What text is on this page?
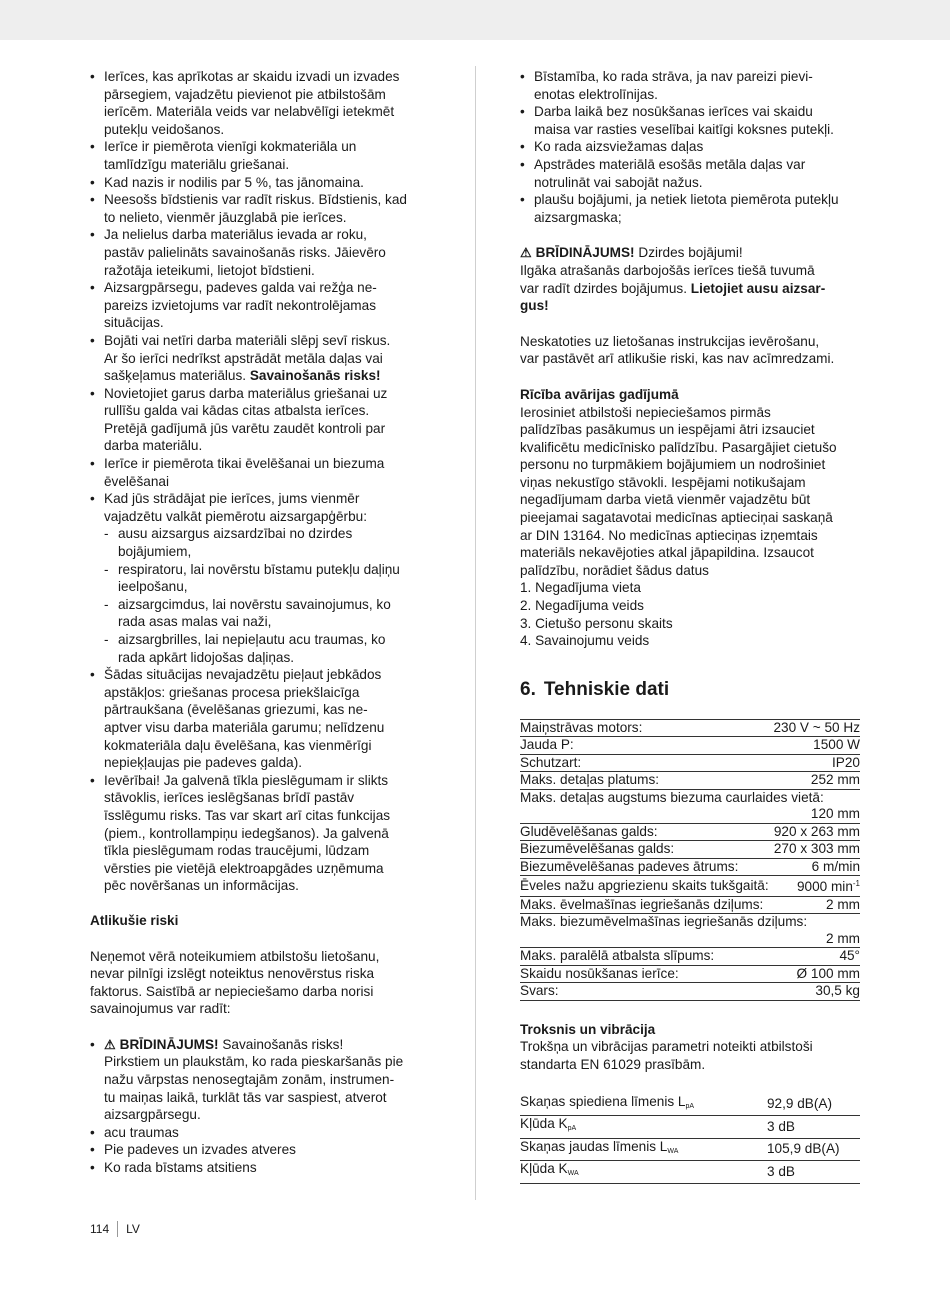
• Ierīces, kas aprīkotas ar skaidu izvadi un izvades
pārsegiem, vajadzētu pievienot pie atbilstošām
ierīcēm. Materiāla veids var nelabvēlīgi ietekmēt
putekļu veidošanos.
• Ierīce ir piemērota vienīgi kokmateriāla un
tamlīdzīgu materiālu griešanai.
• Kad nazis ir nodilis par 5 %, tas jānomaina.
• Neesošs bīdstienis var radīt riskus. Bīdstienis, kad
to nelieto, vienmēr jāuzglabā pie ierīces.
• Ja nelielus darba materiālus ievada ar roku,
pastāv palielināts savainošanās risks. Jāievēro
ražotāja ieteikumi, lietojot bīdstieni.
• Aizsargpārsegu, padeves galda vai režģa ne-
pareizs izvietojums var radīt nekontrolējamas
situācijas.
• Bojāti vai netīri darba materiāli slēpj sevī riskus.
Ar šo ierīci nedrīkst apstrādāt metāla daļas vai
sašķeļamus materiālus. Savainošanās risks!
• Novietojiet garus darba materiālus griešanai uz
rullīšu galda vai kādas citas atbalsta ierīces.
Pretējā gadījumā jūs varētu zaudēt kontroli par
darba materiālu.
• Ierīce ir piemērota tikai ēvelēšanai un biezuma
ēvelēšanai
• Kad jūs strādājat pie ierīces, jums vienmēr
vajadzētu valkāt piemērotu aizsargapģērbu:
- ausu aizsargus aizsardzībai no dzirdes
bojājumiem,
- respiratoru, lai novērstu bīstamu putekļu daļiņu
ieelpošanu,
- aizsargcimdus, lai novērstu savainojumus, ko
rada asas malas vai naži,
- aizsargbrilles, lai nepieļautu acu traumas, ko
rada apkārt lidojošas daļiņas.
• Šādas situācijas nevajadzētu pieļaut jebkādos
apstākļos: griešanas procesa priekšlaicīga
pārtraukšana (ēvelēšanas griezumi, kas ne-
aptver visu darba materiāla garumu; nelīdzenu
kokmateriāla daļu ēvelēšana, kas vienmērīgi
nepieķļaujas pie padeves galda).
• Ievērībai! Ja galvenā tīkla pieslēgumam ir slikts
stāvoklis, ierīces ieslēgšanas brīdī pastāv
īsslēgumu risks. Tas var skart arī citas funkcijas
(piem., kontrollampiņu iedegšanos). Ja galvenā
tīkla pieslēgumam rodas traucējumi, lūdzam
vērsties pie vietējā elektroapgādes uzņēmuma
pēc novēršanas un informācijas.
Atlikušie riski
Neņemot vērā noteikumiem atbilstošu lietošanu,
nevar pilnīgi izslēgt noteiktus nenovērstus riska
faktorus. Saistībā ar nepieciešamo darba norisi
savainojumus var radīt:
• ⚠ BRĪDINĀJUMS! Savainošanās risks!
Pirkstiem un plaukstām, ko rada pieskaršanās pie
nažu vārpstas nenosegtajām zonām, instrumen-
tu maiņas laikā, turklāt tās var saspiest, atverot
aizsargpārsegu.
• acu traumas
• Pie padeves un izvades atveres
• Ko rada bīstams atsitiens
• Bīstamība, ko rada strāva, ja nav pareizi pievi-
enotas elektrolīnijas.
• Darba laikā bez nosūkšanas ierīces vai skaidu
maisa var rasties veselībai kaitīgi koksnes putekļi.
• Ko rada aizsviežamas daļas
• Apstrādes materiālā esošās metāla daļas var
notrulināt vai sabojāt nažus.
• plaušu bojājumi, ja netiek lietota piemērota putekļu
aizsargmaska;
⚠ BRĪDINĀJUMS! Dzirdes bojājumi!
Ilgāka atrašanās darbojošās ierīces tiešā tuvumā
var radīt dzirdes bojājumus. Lietojiet ausu aizsar-
gus!
Neskatoties uz lietošanas instrukcijas ievērošanu,
var pastāvēt arī atlikušie riski, kas nav acīmredzami.
Rīcība avārijas gadījumā
Ierosiniet atbilstoši nepieciešamos pirmās
palīdzības pasākumus un iespējami ātri izsauciet
kvalificētu medicīnisko palīdzību. Pasargājiet cietušo
personu no turpmākiem bojājumiem un nodrošiniet
viņas nekustīgo stāvokli. Iespējami notikušajam
negadījumam darba vietā vienmēr vajadzētu būt
pieejamai sagatavotai medicīnas aptieciņai saskaņā
ar DIN 13164. No medicīnas aptieciņas izņemtais
materiāls nekavējoties atkal jāpapildina. Izsaucot
palīdzību, norādiet šādus datus
1. Negadījuma vieta
2. Negadījuma veids
3. Cietušo personu skaits
4. Savainojumu veids
6. Tehniskie dati
Maiņstrāvas motors:	230 V ~ 50 Hz
Jauda P:	1500 W
Schutzart:	IP20
Maks. detaļas platums:	252 mm
Maks. detaļas augstums biezuma caurlaides vietā:	
120 mm	
Gludēvelēšanas galds:	920 x 263 mm
Biezumēvelēšanas galds:	270 x 303 mm
Biezumēvelēšanas padeves ātrums:	6 m/min
Ēveles nažu apgriezienu skaits tukšgaitā:	9000 $\min^{-1}$
Maks. ēvelmašīnas iegriešanās dziļums:	2 mm
Maks. biezumēvelmašīnas iegriešanās dziļums:	
2 mm	
Maks. paralēlā atbalsta slīpums:	45°
Skaidu nosūkšanas ierīce:	Ø 100 mm
Svars:	30,5 kg
Troksnis un vibrācija
Trokšņa un vibrācijas parametri noteikti atbilstoši
standarta EN 61029 prasībām.
Skaņas spiediena līmenis $L_{pA}$	92,9 dB(A)
Kļūda $K_{pA}$	3 dB
Skaņas jaudas līmenis $L_{WA}$	105,9 dB(A)
Kļūda $K_{WA}$	3 dB
114 LV
